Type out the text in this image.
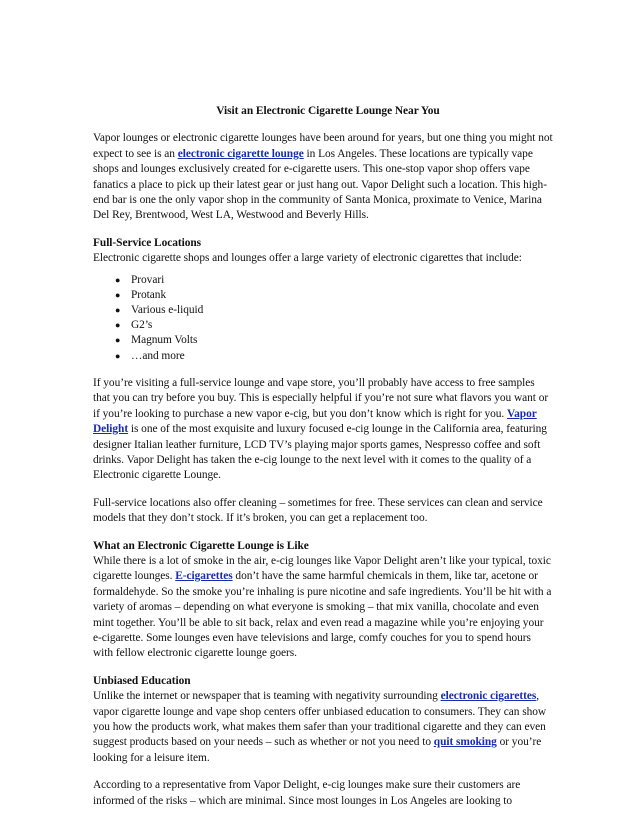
Visit an Electronic Cigarette Lounge Near You

Vapor lounges or electronic cigarette lounges have been around for years, but one thing you might not expect to see is an electronic cigarette lounge in Los Angeles. These locations are typically vape shops and lounges exclusively created for e-cigarette users. This one-stop vapor shop offers vape fanatics a place to pick up their latest gear or just hang out. Vapor Delight such a location. This high-end bar is one the only vapor shop in the community of Santa Monica, proximate to Venice, Marina Del Rey, Brentwood, West LA, Westwood and Beverly Hills.

Full-Service Locations
Electronic cigarette shops and lounges offer a large variety of electronic cigarettes that include:
● Provari
● Protank
● Various e-liquid
● G2’s
● Magnum Volts
● …and more

If you’re visiting a full-service lounge and vape store, you’ll probably have access to free samples that you can try before you buy. This is especially helpful if you’re not sure what flavors you want or if you’re looking to purchase a new vapor e-cig, but you don’t know which is right for you. Vapor Delight is one of the most exquisite and luxury focused e-cig lounge in the California area, featuring designer Italian leather furniture, LCD TV’s playing major sports games, Nespresso coffee and soft drinks. Vapor Delight has taken the e-cig lounge to the next level with it comes to the quality of a Electronic cigarette Lounge.

Full-service locations also offer cleaning – sometimes for free. These services can clean and service models that they don’t stock. If it’s broken, you can get a replacement too.

What an Electronic Cigarette Lounge is Like
While there is a lot of smoke in the air, e-cig lounges like Vapor Delight aren’t like your typical, toxic cigarette lounges. E-cigarettes don’t have the same harmful chemicals in them, like tar, acetone or formaldehyde. So the smoke you’re inhaling is pure nicotine and safe ingredients. You’ll be hit with a variety of aromas – depending on what everyone is smoking – that mix vanilla, chocolate and even mint together. You’ll be able to sit back, relax and even read a magazine while you’re enjoying your e-cigarette. Some lounges even have televisions and large, comfy couches for you to spend hours with fellow electronic cigarette lounge goers.

Unbiased Education
Unlike the internet or newspaper that is teaming with negativity surrounding electronic cigarettes, vapor cigarette lounge and vape shop centers offer unbiased education to consumers. They can show you how the products work, what makes them safer than your traditional cigarette and they can even suggest products based on your needs – such as whether or not you need to quit smoking or you’re looking for a leisure item.

According to a representative from Vapor Delight, e-cig lounges make sure their customers are informed of the risks – which are minimal. Since most lounges in Los Angeles are looking to
